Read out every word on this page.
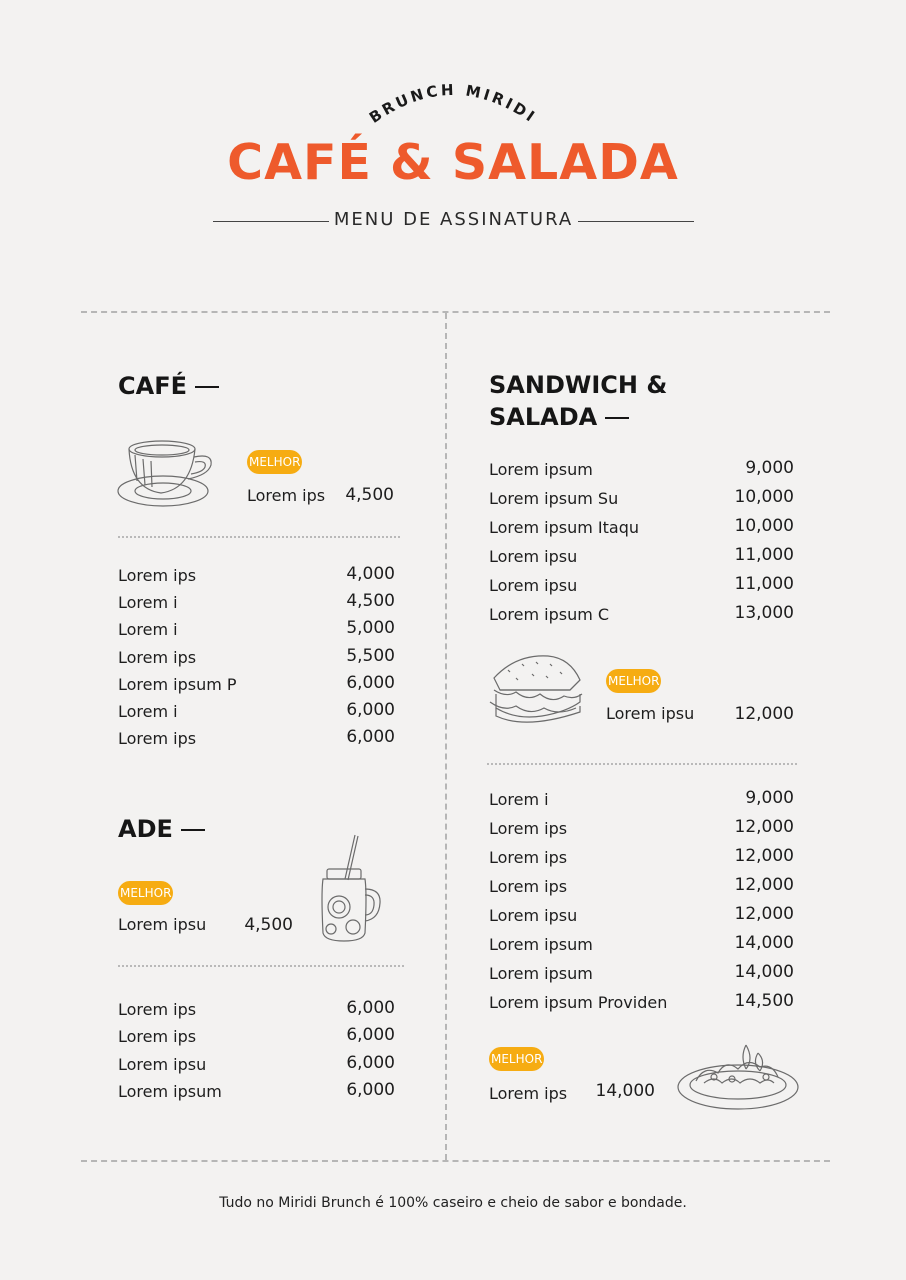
BRUNCH MIRIDI
CAFÉ & SALADA
MENU DE ASSINATURA
CAFÉ
MELHOR
Lorem ips	4,500
Lorem ips	4,000
Lorem i	4,500
Lorem i	5,000
Lorem ips	5,500
Lorem ipsum P	6,000
Lorem i	6,000
Lorem ips	6,000
ADE
MELHOR
Lorem ipsu	4,500
Lorem ips	6,000
Lorem ips	6,000
Lorem ipsu	6,000
Lorem ipsum	6,000
SANDWICH &
SALADA
Lorem ipsum	9,000
Lorem ipsum Su	10,000
Lorem ipsum Itaqu	10,000
Lorem ipsu	11,000
Lorem ipsu	11,000
Lorem ipsum C	13,000
MELHOR
Lorem ipsu	12,000
Lorem i	9,000
Lorem ips	12,000
Lorem ips	12,000
Lorem ips	12,000
Lorem ipsu	12,000
Lorem ipsum	14,000
Lorem ipsum	14,000
Lorem ipsum Providen	14,500
MELHOR
Lorem ips	14,000
Tudo no Miridi Brunch é 100% caseiro e cheio de sabor e bondade.
